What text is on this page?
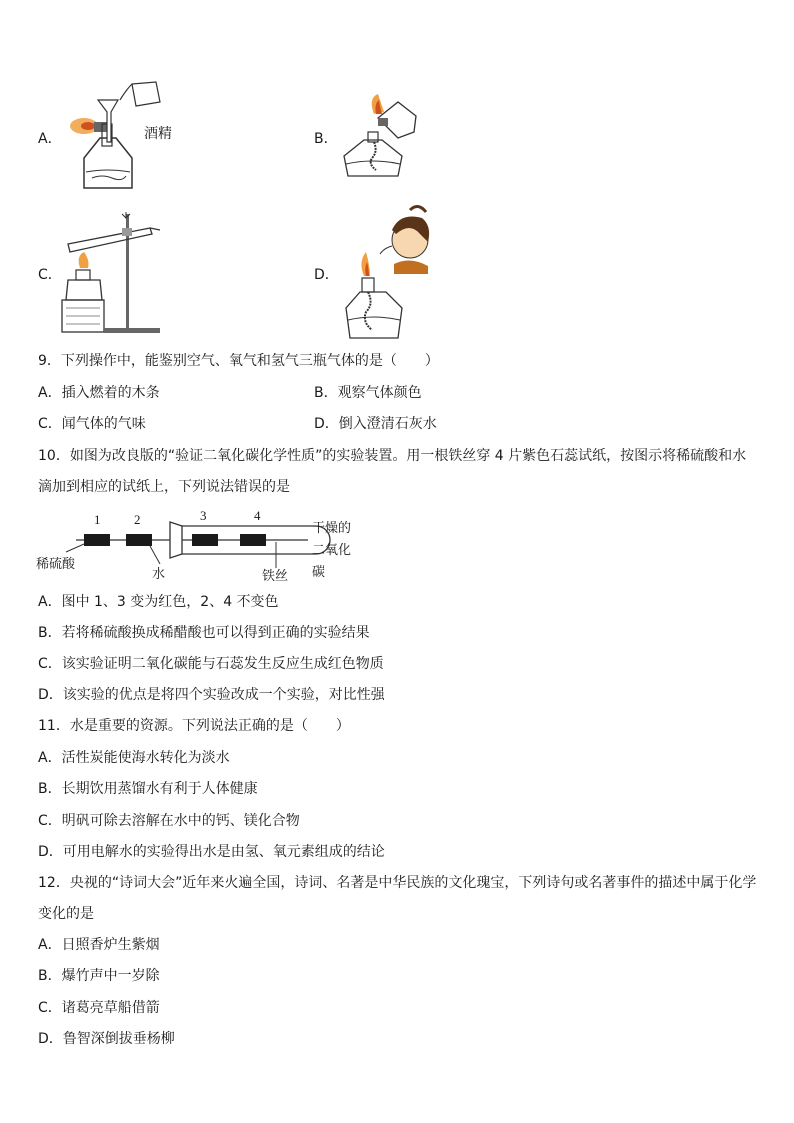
A．	酒精	B．
C．	D．
9．下列操作中，能鉴别空气、氧气和氢气三瓶气体的是（　　）
A．插入燃着的木条	B．观察气体颜色
C．闻气体的气味	D．倒入澄清石灰水
10．如图为改良版的“验证二氧化碳化学性质”的实验装置。用一根铁丝穿 4 片紫色石蕊试纸，按图示将稀硫酸和水
滴加到相应的试纸上，下列说法错误的是
1	2	3	4
稀硫酸
水	铁丝
干燥的
二氧化
碳
A．图中 1、3 变为红色，2、4 不变色
B．若将稀硫酸换成稀醋酸也可以得到正确的实验结果
C．该实验证明二氧化碳能与石蕊发生反应生成红色物质
D．该实验的优点是将四个实验改成一个实验，对比性强
11．水是重要的资源。下列说法正确的是（　　）
A．活性炭能使海水转化为淡水
B．长期饮用蒸馏水有利于人体健康
C．明矾可除去溶解在水中的钙、镁化合物
D．可用电解水的实验得出水是由氢、氧元素组成的结论
12．央视的“诗词大会”近年来火遍全国，诗词、名著是中华民族的文化瑰宝，下列诗句或名著事件的描述中属于化学
变化的是
A．日照香炉生紫烟
B．爆竹声中一岁除
C．诸葛亮草船借箭
D．鲁智深倒拔垂杨柳
